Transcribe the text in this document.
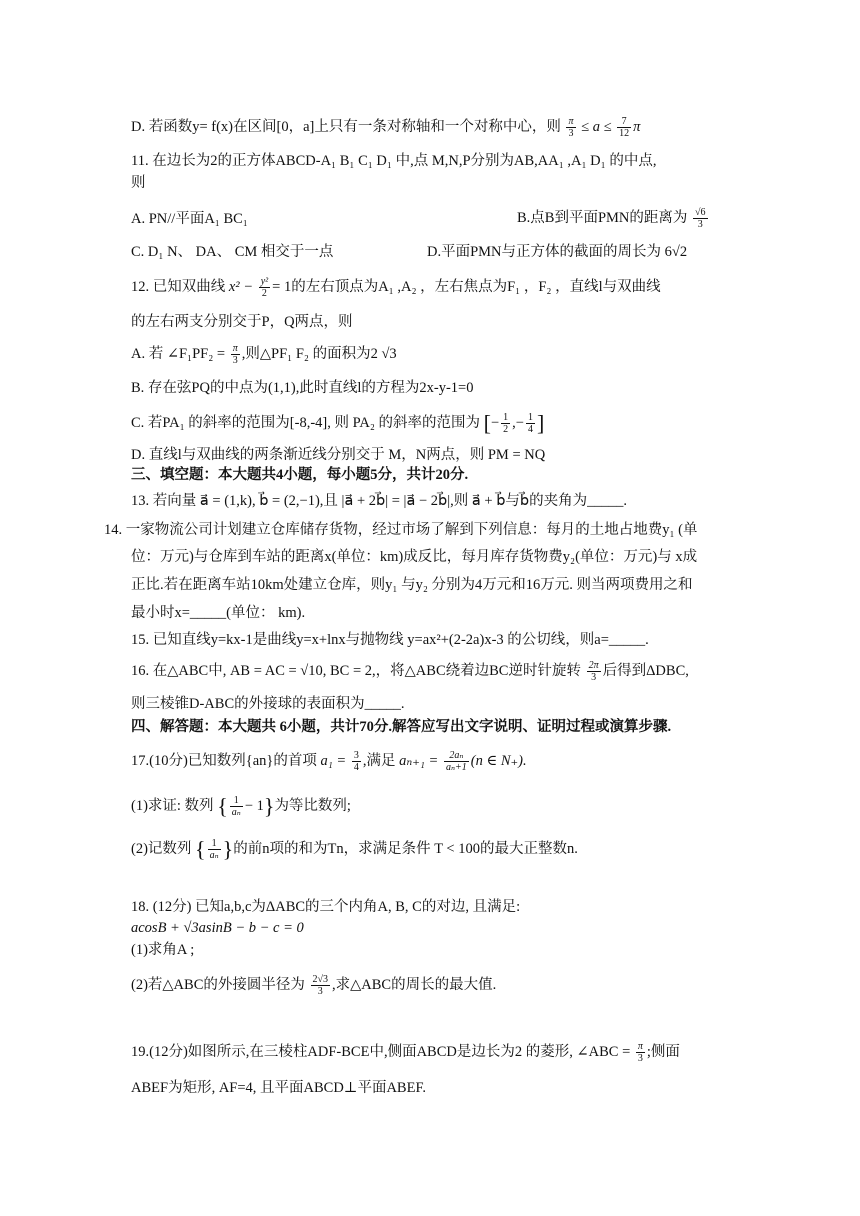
D. 若函数y= f(x)在区间[0，a]上只有一条对称轴和一个对称中心，则 $\frac{\pi}{3} \le a \le \frac{7}{12}$ π
11. 在边长为2的正方体ABCD-A₁ B₁ C₁ D₁ 中,点 M,N,P分别为AB,AA₁ ,A₁ D₁ 的中点,
则
A. PN//平面A₁ BC₁	B.点B到平面PMN的距离为 $\frac{√6}{3}$
C. D₁ N、 DA、 CM 相交于一点	D.平面PMN与正方体的截面的周长为 6√2
12. 已知双曲线 $x^2 - \frac{\text{y²}}{2} = 1$的左右顶点为A₁ ,A₂ ，左右焦点为F₁ ，F₂ ，直线l与双曲线
的左右两支分别交于P，Q两点，则
A. 若 ∠F₁PF₂ = $\frac{\pi}{3}$ ,则△PF₁ F₂ 的面积为2 √3
B. 存在弦PQ的中点为(1,1),此时直线l的方程为2x-y-1=0
C. 若PA₁ 的斜率的范围为[-8,-4], 则 PA₂ 的斜率的范围为 [− $\frac{1}{2}$ ,− $\frac{1}{4}$ ]
D. 直线l与双曲线的两条渐近线分别交于 M，N两点，则 PM = NQ
三、填空题：本大题共4小题，每小题5分，共计20分.
13. 若向量 a⃗ = (1,k), b⃗ = (2,−1),且 |a⃗ + 2b⃗| = |a⃗ − 2b⃗|,则 a⃗ + b⃗与b⃗的夹角为_____.
14. 一家物流公司计划建立仓库储存货物，经过市场了解到下列信息：每月的土地占地费y₁ (单
位：万元)与仓库到车站的距离x(单位：km)成反比，每月库存货物费y₂(单位：万元)与 x成
正比.若在距离车站10km处建立仓库，则y₁ 与y₂ 分别为4万元和16万元. 则当两项费用之和
最小时x=_____(单位： km).
15. 已知直线y=kx-1是曲线y=x+lnx与抛物线 y=ax²+(2-2a)x-3 的公切线，则a=_____.
16. 在△ABC中, AB = AC = √10, BC = 2,，将△ABC绕着边BC逆时针旋转 $\frac{2\pi}{3}$ 后得到ΔDBC,
则三棱锥D-ABC的外接球的表面积为_____.
四、解答题：本大题共 6小题，共计70分.解答应写出文字说明、证明过程或演算步骤.
17.(10分)已知数列{an}的首项 $a_1 = \frac{3}{4}$ ,满足 $a_{n+1} = \frac{\text{2aₙ}}{\text{aₙ+1}} (n$ ∈ N₊).
(1)求证: 数列 { $\frac{1}{\text{aₙ}} - 1$}为等比数列;
(2)记数列 { $\frac{1}{\text{aₙ}}$ }的前n项的和为Tn，求满足条件 T < 100的最大正整数n.
18. (12分) 已知a,b,c为ΔABC的三个内角A, B, C的对边, 且满足:
acosB + √3asinB − b − c = 0
(1)求角A ;
(2)若△ABC的外接圆半径为 $\frac{2√3}{3}$ ,求△ABC的周长的最大值.
19.(12分)如图所示,在三棱柱ADF-BCE中,侧面ABCD是边长为2 的菱形, ∠ABC = $\frac{\pi}{3}$ ;侧面
ABEF为矩形, AF=4, 且平面ABCD⊥平面ABEF.
